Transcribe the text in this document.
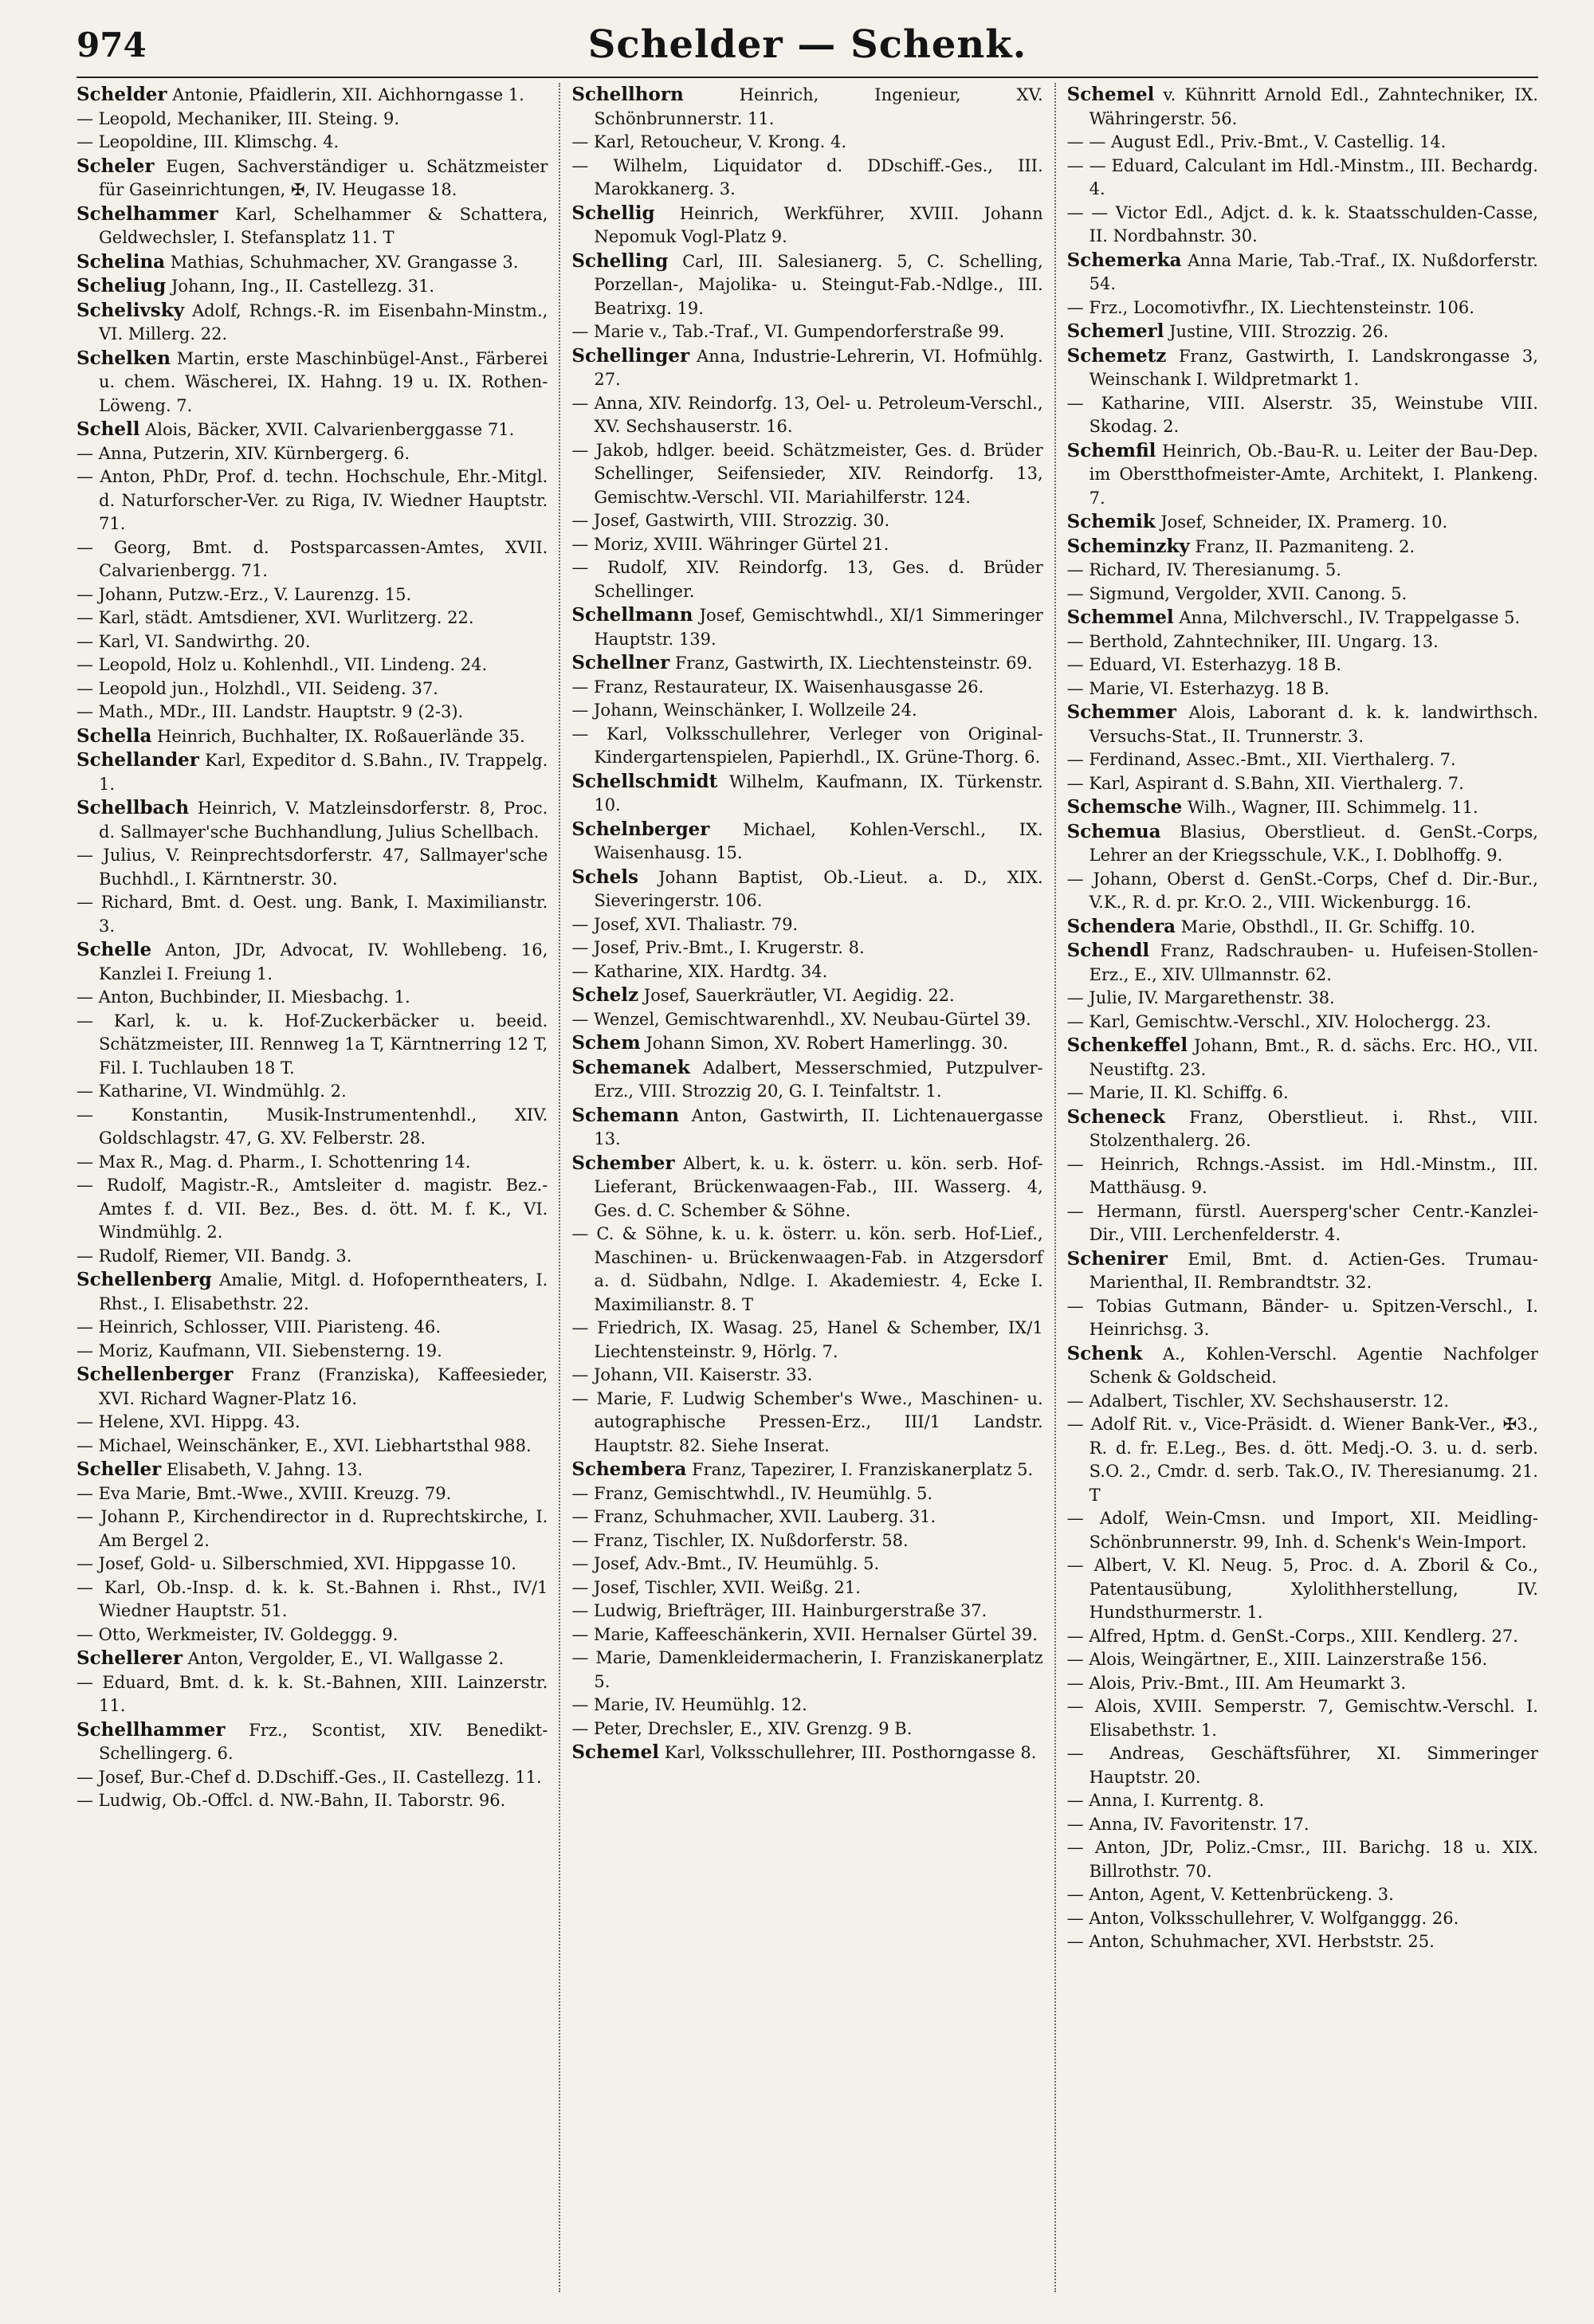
974	Schelder — Schenk.
Schelder Antonie, Pfaidlerin, XII. Aichhorngasse 1.
— Leopold, Mechaniker, III. Steing. 9.
— Leopoldine, III. Klimschg. 4.
Scheler Eugen, Sachverständiger u. Schätzmeister für Gaseinrichtungen, ✠, IV. Heugasse 18.
Schelhammer Karl, Schelhammer & Schattera, Geldwechsler, I. Stefansplatz 11. T
Schelina Mathias, Schuhmacher, XV. Grangasse 3.
Scheliug Johann, Ing., II. Castellezg. 31.
Schelivsky Adolf, Rchngs.-R. im Eisenbahn-Minstm., VI. Millerg. 22.
Schelken Martin, erste Maschinbügel-Anst., Färberei u. chem. Wäscherei, IX. Hahng. 19 u. IX. Rothen-Löweng. 7.
Schell Alois, Bäcker, XVII. Calvarienberggasse 71.
— Anna, Putzerin, XIV. Kürnbergerg. 6.
— Anton, PhDr, Prof. d. techn. Hochschule, Ehr.-Mitgl. d. Naturforscher-Ver. zu Riga, IV. Wiedner Hauptstr. 71.
— Georg, Bmt. d. Postsparcassen-Amtes, XVII. Calvarienbergg. 71.
— Johann, Putzw.-Erz., V. Laurenzg. 15.
— Karl, städt. Amtsdiener, XVI. Wurlitzerg. 22.
— Karl, VI. Sandwirthg. 20.
— Leopold, Holz u. Kohlenhdl., VII. Lindeng. 24.
— Leopold jun., Holzhdl., VII. Seideng. 37.
— Math., MDr., III. Landstr. Hauptstr. 9 (2-3).
Schella Heinrich, Buchhalter, IX. Roßauerlände 35.
Schellander Karl, Expeditor d. S.Bahn., IV. Trappelg. 1.
Schellbach Heinrich, V. Matzleinsdorferstr. 8, Proc. d. Sallmayer'sche Buchhandlung, Julius Schellbach.
— Julius, V. Reinprechtsdorferstr. 47, Sallmayer'sche Buchhdl., I. Kärntnerstr. 30.
— Richard, Bmt. d. Oest. ung. Bank, I. Maximilianstr. 3.
Schelle Anton, JDr, Advocat, IV. Wohllebeng. 16, Kanzlei I. Freiung 1.
— Anton, Buchbinder, II. Miesbachg. 1.
— Karl, k. u. k. Hof-Zuckerbäcker u. beeid. Schätzmeister, III. Rennweg 1a T, Kärntnerring 12 T, Fil. I. Tuchlauben 18 T.
— Katharine, VI. Windmühlg. 2.
— Konstantin, Musik-Instrumentenhdl., XIV. Goldschlagstr. 47, G. XV. Felberstr. 28.
— Max R., Mag. d. Pharm., I. Schottenring 14.
— Rudolf, Magistr.-R., Amtsleiter d. magistr. Bez.-Amtes f. d. VII. Bez., Bes. d. ött. M. f. K., VI. Windmühlg. 2.
— Rudolf, Riemer, VII. Bandg. 3.
Schellenberg Amalie, Mitgl. d. Hofoperntheaters, I. Rhst., I. Elisabethstr. 22.
— Heinrich, Schlosser, VIII. Piaristeng. 46.
— Moriz, Kaufmann, VII. Siebensterng. 19.
Schellenberger Franz (Franziska), Kaffeesieder, XVI. Richard Wagner-Platz 16.
— Helene, XVI. Hippg. 43.
— Michael, Weinschänker, E., XVI. Liebhartsthal 988.
Scheller Elisabeth, V. Jahng. 13.
— Eva Marie, Bmt.-Wwe., XVIII. Kreuzg. 79.
— Johann P., Kirchendirector in d. Ruprechtskirche, I. Am Bergel 2.
— Josef, Gold- u. Silberschmied, XVI. Hippgasse 10.
— Karl, Ob.-Insp. d. k. k. St.-Bahnen i. Rhst., IV/1 Wiedner Hauptstr. 51.
— Otto, Werkmeister, IV. Goldeggg. 9.
Schellerer Anton, Vergolder, E., VI. Wallgasse 2.
— Eduard, Bmt. d. k. k. St.-Bahnen, XIII. Lainzerstr. 11.
Schellhammer Frz., Scontist, XIV. Benedikt-Schellingerg. 6.
— Josef, Bur.-Chef d. D.Dschiff.-Ges., II. Castellezg. 11.
— Ludwig, Ob.-Offcl. d. NW.-Bahn, II. Taborstr. 96.
Schellhorn	Heinrich, Ingenieur, XV. Schönbrunnerstr. 11.
— Karl, Retoucheur, V. Krong. 4.
— Wilhelm, Liquidator d. DDschiff.-Ges., III. Marokkanerg. 3.
Schellig Heinrich, Werkführer, XVIII. Johann Nepomuk Vogl-Platz 9.
Schelling Carl, III. Salesianerg. 5, C. Schelling, Porzellan-, Majolika- u. Steingut-Fab.-Ndlge., III. Beatrixg. 19.
— Marie v., Tab.-Traf., VI. Gumpendorferstraße 99.
Schellinger Anna, Industrie-Lehrerin, VI. Hofmühlg. 27.
— Anna, XIV. Reindorfg. 13, Oel- u. Petroleum-Verschl., XV. Sechshauserstr. 16.
— Jakob, hdlger. beeid. Schätzmeister, Ges. d. Brüder Schellinger, Seifensieder, XIV. Reindorfg. 13, Gemischtw.-Verschl. VII. Mariahilferstr. 124.
— Josef, Gastwirth, VIII. Strozzig. 30.
— Moriz, XVIII. Währinger Gürtel 21.
— Rudolf, XIV. Reindorfg. 13, Ges. d. Brüder Schellinger.
Schellmann Josef, Gemischtwhdl., XI/1 Simmeringer Hauptstr. 139.
Schellner Franz, Gastwirth, IX. Liechtensteinstr. 69.
— Franz, Restaurateur, IX. Waisenhausgasse 26.
— Johann, Weinschänker, I. Wollzeile 24.
— Karl, Volksschullehrer, Verleger von Original-Kindergartenspielen, Papierhdl., IX. Grüne-Thorg. 6.
Schellschmidt Wilhelm, Kaufmann, IX. Türkenstr. 10.
Schelnberger Michael, Kohlen-Verschl., IX. Waisenhausg. 15.
Schels Johann Baptist, Ob.-Lieut. a. D., XIX. Sieveringerstr. 106.
— Josef, XVI. Thaliastr. 79.
— Josef, Priv.-Bmt., I. Krugerstr. 8.
— Katharine, XIX. Hardtg. 34.
Schelz Josef, Sauerkräutler, VI. Aegidig. 22.
— Wenzel, Gemischtwarenhdl., XV. Neubau-Gürtel 39.
Schem Johann Simon, XV. Robert Hamerlingg. 30.
Schemanek Adalbert, Messerschmied, Putzpulver-Erz., VIII. Strozzig 20, G. I. Teinfaltstr. 1.
Schemann Anton, Gastwirth, II. Lichtenauergasse 13.
Schember Albert, k. u. k. österr. u. kön. serb. Hof-Lieferant, Brückenwaagen-Fab., III. Wasserg. 4, Ges. d. C. Schember & Söhne.
— C. & Söhne, k. u. k. österr. u. kön. serb. Hof-Lief., Maschinen- u. Brückenwaagen-Fab. in Atzgersdorf a. d. Südbahn, Ndlge. I. Akademiestr. 4, Ecke I. Maximilianstr. 8. T
— Friedrich, IX. Wasag. 25, Hanel & Schember, IX/1 Liechtensteinstr. 9, Hörlg. 7.
— Johann, VII. Kaiserstr. 33.
— Marie, F. Ludwig Schember's Wwe., Maschinen- u. autographische Pressen-Erz., III/1 Landstr. Hauptstr. 82. Siehe Inserat.
Schembera Franz, Tapezirer, I. Franziskanerplatz 5.
— Franz, Gemischtwhdl., IV. Heumühlg. 5.
— Franz, Schuhmacher, XVII. Lauberg. 31.
— Franz, Tischler, IX. Nußdorferstr. 58.
— Josef, Adv.-Bmt., IV. Heumühlg. 5.
— Josef, Tischler, XVII. Weißg. 21.
— Ludwig, Briefträger, III. Hainburgerstraße 37.
— Marie, Kaffeeschänkerin, XVII. Hernalser Gürtel 39.
— Marie, Damenkleidermacherin, I. Franziskanerplatz 5.
— Marie, IV. Heumühlg. 12.
— Peter, Drechsler, E., XIV. Grenzg. 9 B.
Schemel Karl, Volksschullehrer, III. Posthorngasse 8.
Schemel v. Kühnritt Arnold Edl., Zahntechniker, IX. Währingerstr. 56.
— — August Edl., Priv.-Bmt., V. Castellig. 14.
— — Eduard, Calculant im Hdl.-Minstm., III. Bechardg. 4.
— — Victor Edl., Adjct. d. k. k. Staatsschulden-Casse, II. Nordbahnstr. 30.
Schemerka Anna Marie, Tab.-Traf., IX. Nußdorferstr. 54.
— Frz., Locomotivfhr., IX. Liechtensteinstr. 106.
Schemerl Justine, VIII. Strozzig. 26.
Schemetz Franz, Gastwirth, I. Landskrongasse 3, Weinschank I. Wildpretmarkt 1.
— Katharine, VIII. Alserstr. 35, Weinstube VIII. Skodag. 2.
Schemfil Heinrich, Ob.-Bau-R. u. Leiter der Bau-Dep. im Oberstthofmeister-Amte, Architekt, I. Plankeng. 7.
Schemik Josef, Schneider, IX. Pramerg. 10.
Scheminzky Franz, II. Pazmaniteng. 2.
— Richard, IV. Theresianumg. 5.
— Sigmund, Vergolder, XVII. Canong. 5.
Schemmel Anna, Milchverschl., IV. Trappelgasse 5.
— Berthold, Zahntechniker, III. Ungarg. 13.
— Eduard, VI. Esterhazyg. 18 B.
— Marie, VI. Esterhazyg. 18 B.
Schemmer Alois, Laborant d. k. k. landwirthsch. Versuchs-Stat., II. Trunnerstr. 3.
— Ferdinand, Assec.-Bmt., XII. Vierthalerg. 7.
— Karl, Aspirant d. S.Bahn, XII. Vierthalerg. 7.
Schemsche Wilh., Wagner, III. Schimmelg. 11.
Schemua Blasius, Oberstlieut. d. GenSt.-Corps, Lehrer an der Kriegsschule, V.K., I. Doblhoffg. 9.
— Johann, Oberst d. GenSt.-Corps, Chef d. Dir.-Bur., V.K., R. d. pr. Kr.O. 2., VIII. Wickenburgg. 16.
Schendera Marie, Obsthdl., II. Gr. Schiffg. 10.
Schendl Franz, Radschrauben- u. Hufeisen-Stollen-Erz., E., XIV. Ullmannstr. 62.
— Julie, IV. Margarethenstr. 38.
— Karl, Gemischtw.-Verschl., XIV. Holochergg. 23.
Schenkeffel Johann, Bmt., R. d. sächs. Erc. HO., VII. Neustiftg. 23.
— Marie, II. Kl. Schiffg. 6.
Scheneck Franz, Oberstlieut. i. Rhst., VIII. Stolzenthalerg. 26.
— Heinrich, Rchngs.-Assist. im Hdl.-Minstm., III. Matthäusg. 9.
— Hermann, fürstl. Auersperg'scher Centr.-Kanzlei-Dir., VIII. Lerchenfelderstr. 4.
Schenirer Emil, Bmt. d. Actien-Ges. Trumau-Marienthal, II. Rembrandtstr. 32.
— Tobias Gutmann, Bänder- u. Spitzen-Verschl., I. Heinrichsg. 3.
Schenk A., Kohlen-Verschl. Agentie Nachfolger Schenk & Goldscheid.
— Adalbert, Tischler, XV. Sechshauserstr. 12.
— Adolf Rit. v., Vice-Präsidt. d. Wiener Bank-Ver., ✠3., R. d. fr. E.Leg., Bes. d. ött. Medj.-O. 3. u. d. serb. S.O. 2., Cmdr. d. serb. Tak.O., IV. Theresianumg. 21. T
— Adolf, Wein-Cmsn. und Import, XII. Meidling-Schönbrunnerstr. 99, Inh. d. Schenk's Wein-Import.
— Albert, V. Kl. Neug. 5, Proc. d. A. Zboril & Co., Patentausübung, Xylolithherstellung, IV. Hundsthurmerstr. 1.
— Alfred, Hptm. d. GenSt.-Corps., XIII. Kendlerg. 27.
— Alois, Weingärtner, E., XIII. Lainzerstraße 156.
— Alois, Priv.-Bmt., III. Am Heumarkt 3.
— Alois, XVIII. Semperstr. 7, Gemischtw.-Verschl. I. Elisabethstr. 1.
— Andreas, Geschäftsführer, XI. Simmeringer Hauptstr. 20.
— Anna, I. Kurrentg. 8.
— Anna, IV. Favoritenstr. 17.
— Anton, JDr, Poliz.-Cmsr., III. Barichg. 18 u. XIX. Billrothstr. 70.
— Anton, Agent, V. Kettenbrückeng. 3.
— Anton, Volksschullehrer, V. Wolfganggg. 26.
— Anton, Schuhmacher, XVI. Herbststr. 25.
